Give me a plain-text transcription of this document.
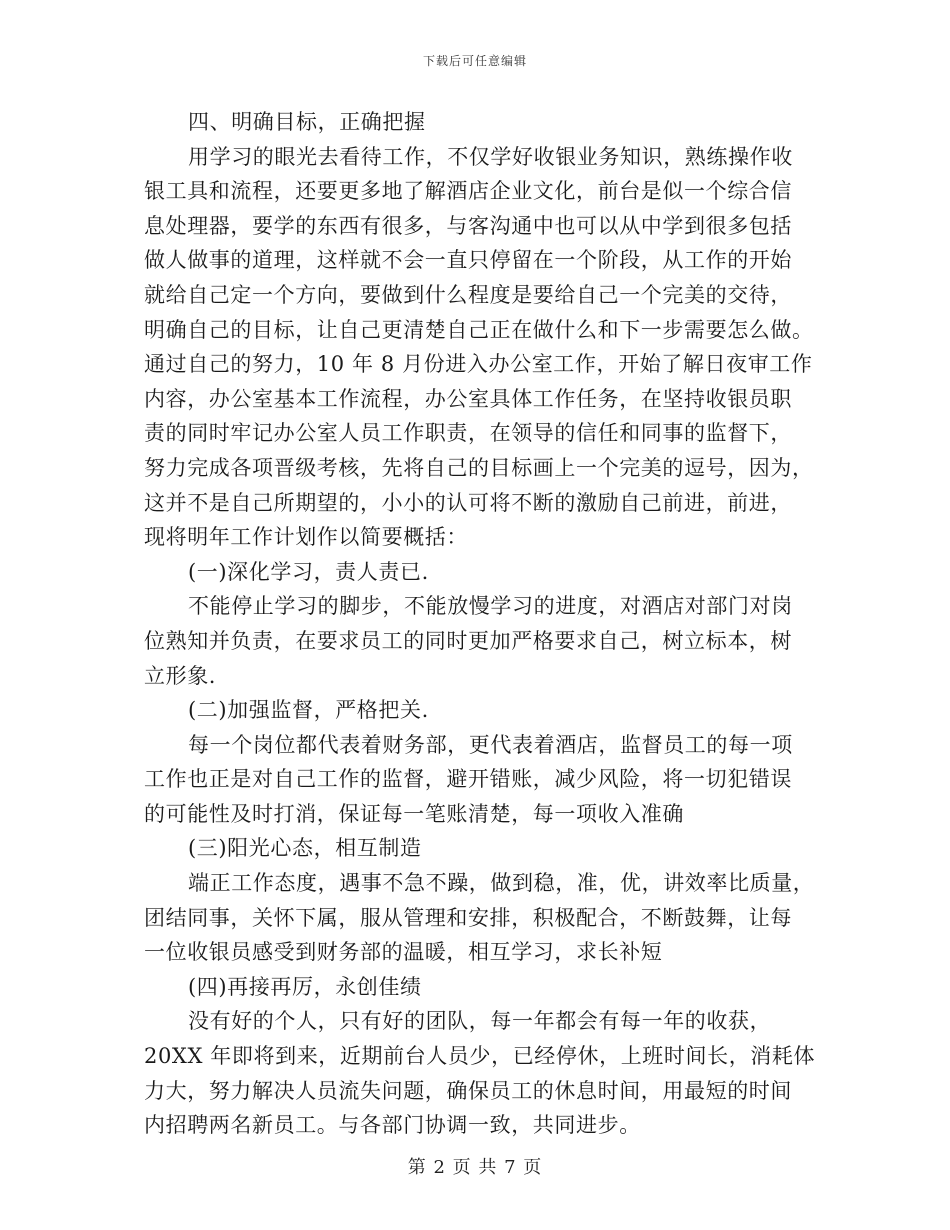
下载后可任意编辑
四、明确目标，正确把握
用学习的眼光去看待工作，不仅学好收银业务知识，熟练操作收
银工具和流程，还要更多地了解酒店企业文化，前台是似一个综合信
息处理器，要学的东西有很多，与客沟通中也可以从中学到很多包括
做人做事的道理，这样就不会一直只停留在一个阶段，从工作的开始
就给自己定一个方向，要做到什么程度是要给自己一个完美的交待，
明确自己的目标，让自己更清楚自己正在做什么和下一步需要怎么做。
通过自己的努力，10 年 8 月份进入办公室工作，开始了解日夜审工作
内容，办公室基本工作流程，办公室具体工作任务，在坚持收银员职
责的同时牢记办公室人员工作职责，在领导的信任和同事的监督下，
努力完成各项晋级考核，先将自己的目标画上一个完美的逗号，因为，
这并不是自己所期望的，小小的认可将不断的激励自己前进，前进，
现将明年工作计划作以简要概括：
(一)深化学习，责人责已.
不能停止学习的脚步，不能放慢学习的进度，对酒店对部门对岗
位熟知并负责，在要求员工的同时更加严格要求自己，树立标本，树
立形象.
(二)加强监督，严格把关.
每一个岗位都代表着财务部，更代表着酒店，监督员工的每一项
工作也正是对自己工作的监督，避开错账，减少风险，将一切犯错误
的可能性及时打消，保证每一笔账清楚，每一项收入准确
(三)阳光心态，相互制造
端正工作态度，遇事不急不躁，做到稳，准，优，讲效率比质量，
团结同事，关怀下属，服从管理和安排，积极配合，不断鼓舞，让每
一位收银员感受到财务部的温暖，相互学习，求长补短
(四)再接再厉，永创佳绩
没有好的个人，只有好的团队，每一年都会有每一年的收获，
20XX 年即将到来，近期前台人员少，已经停休，上班时间长，消耗体
力大，努力解决人员流失问题，确保员工的休息时间，用最短的时间
内招聘两名新员工。与各部门协调一致，共同进步。
第 2 页 共 7 页
